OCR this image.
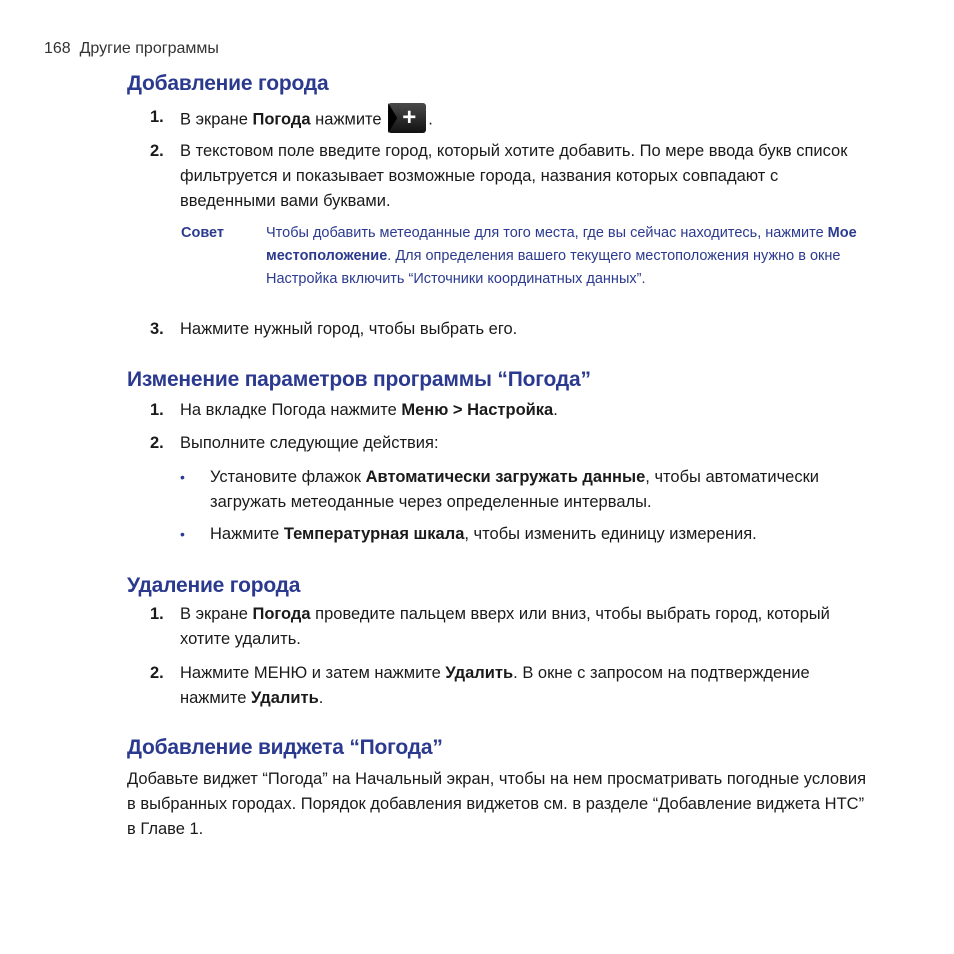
168 Другие программы
Добавление города
1. В экране Погода нажмите + .
2. В текстовом поле введите город, который хотите добавить. По мере ввода букв список фильтруется и показывает возможные города, названия которых совпадают с введенными вами буквами.
Совет	Чтобы добавить метеоданные для того места, где вы сейчас находитесь, нажмите Мое местоположение. Для определения вашего текущего местоположения нужно в окне Настройка включить “Источники координатных данных”.
3. Нажмите нужный город, чтобы выбрать его.
Изменение параметров программы “Погода”
1. На вкладке Погода нажмите Меню > Настройка.
2. Выполните следующие действия:
• Установите флажок Автоматически загружать данные, чтобы автоматически загружать метеоданные через определенные интервалы.
• Нажмите Температурная шкала, чтобы изменить единицу измерения.
Удаление города
1. В экране Погода проведите пальцем вверх или вниз, чтобы выбрать город, который хотите удалить.
2. Нажмите МЕНЮ и затем нажмите Удалить. В окне с запросом на подтверждение нажмите Удалить.
Добавление виджета “Погода”
Добавьте виджет “Погода” на Начальный экран, чтобы на нем просматривать погодные условия в выбранных городах. Порядок добавления виджетов см. в разделе “Добавление виджета HTC” в Главе 1.
